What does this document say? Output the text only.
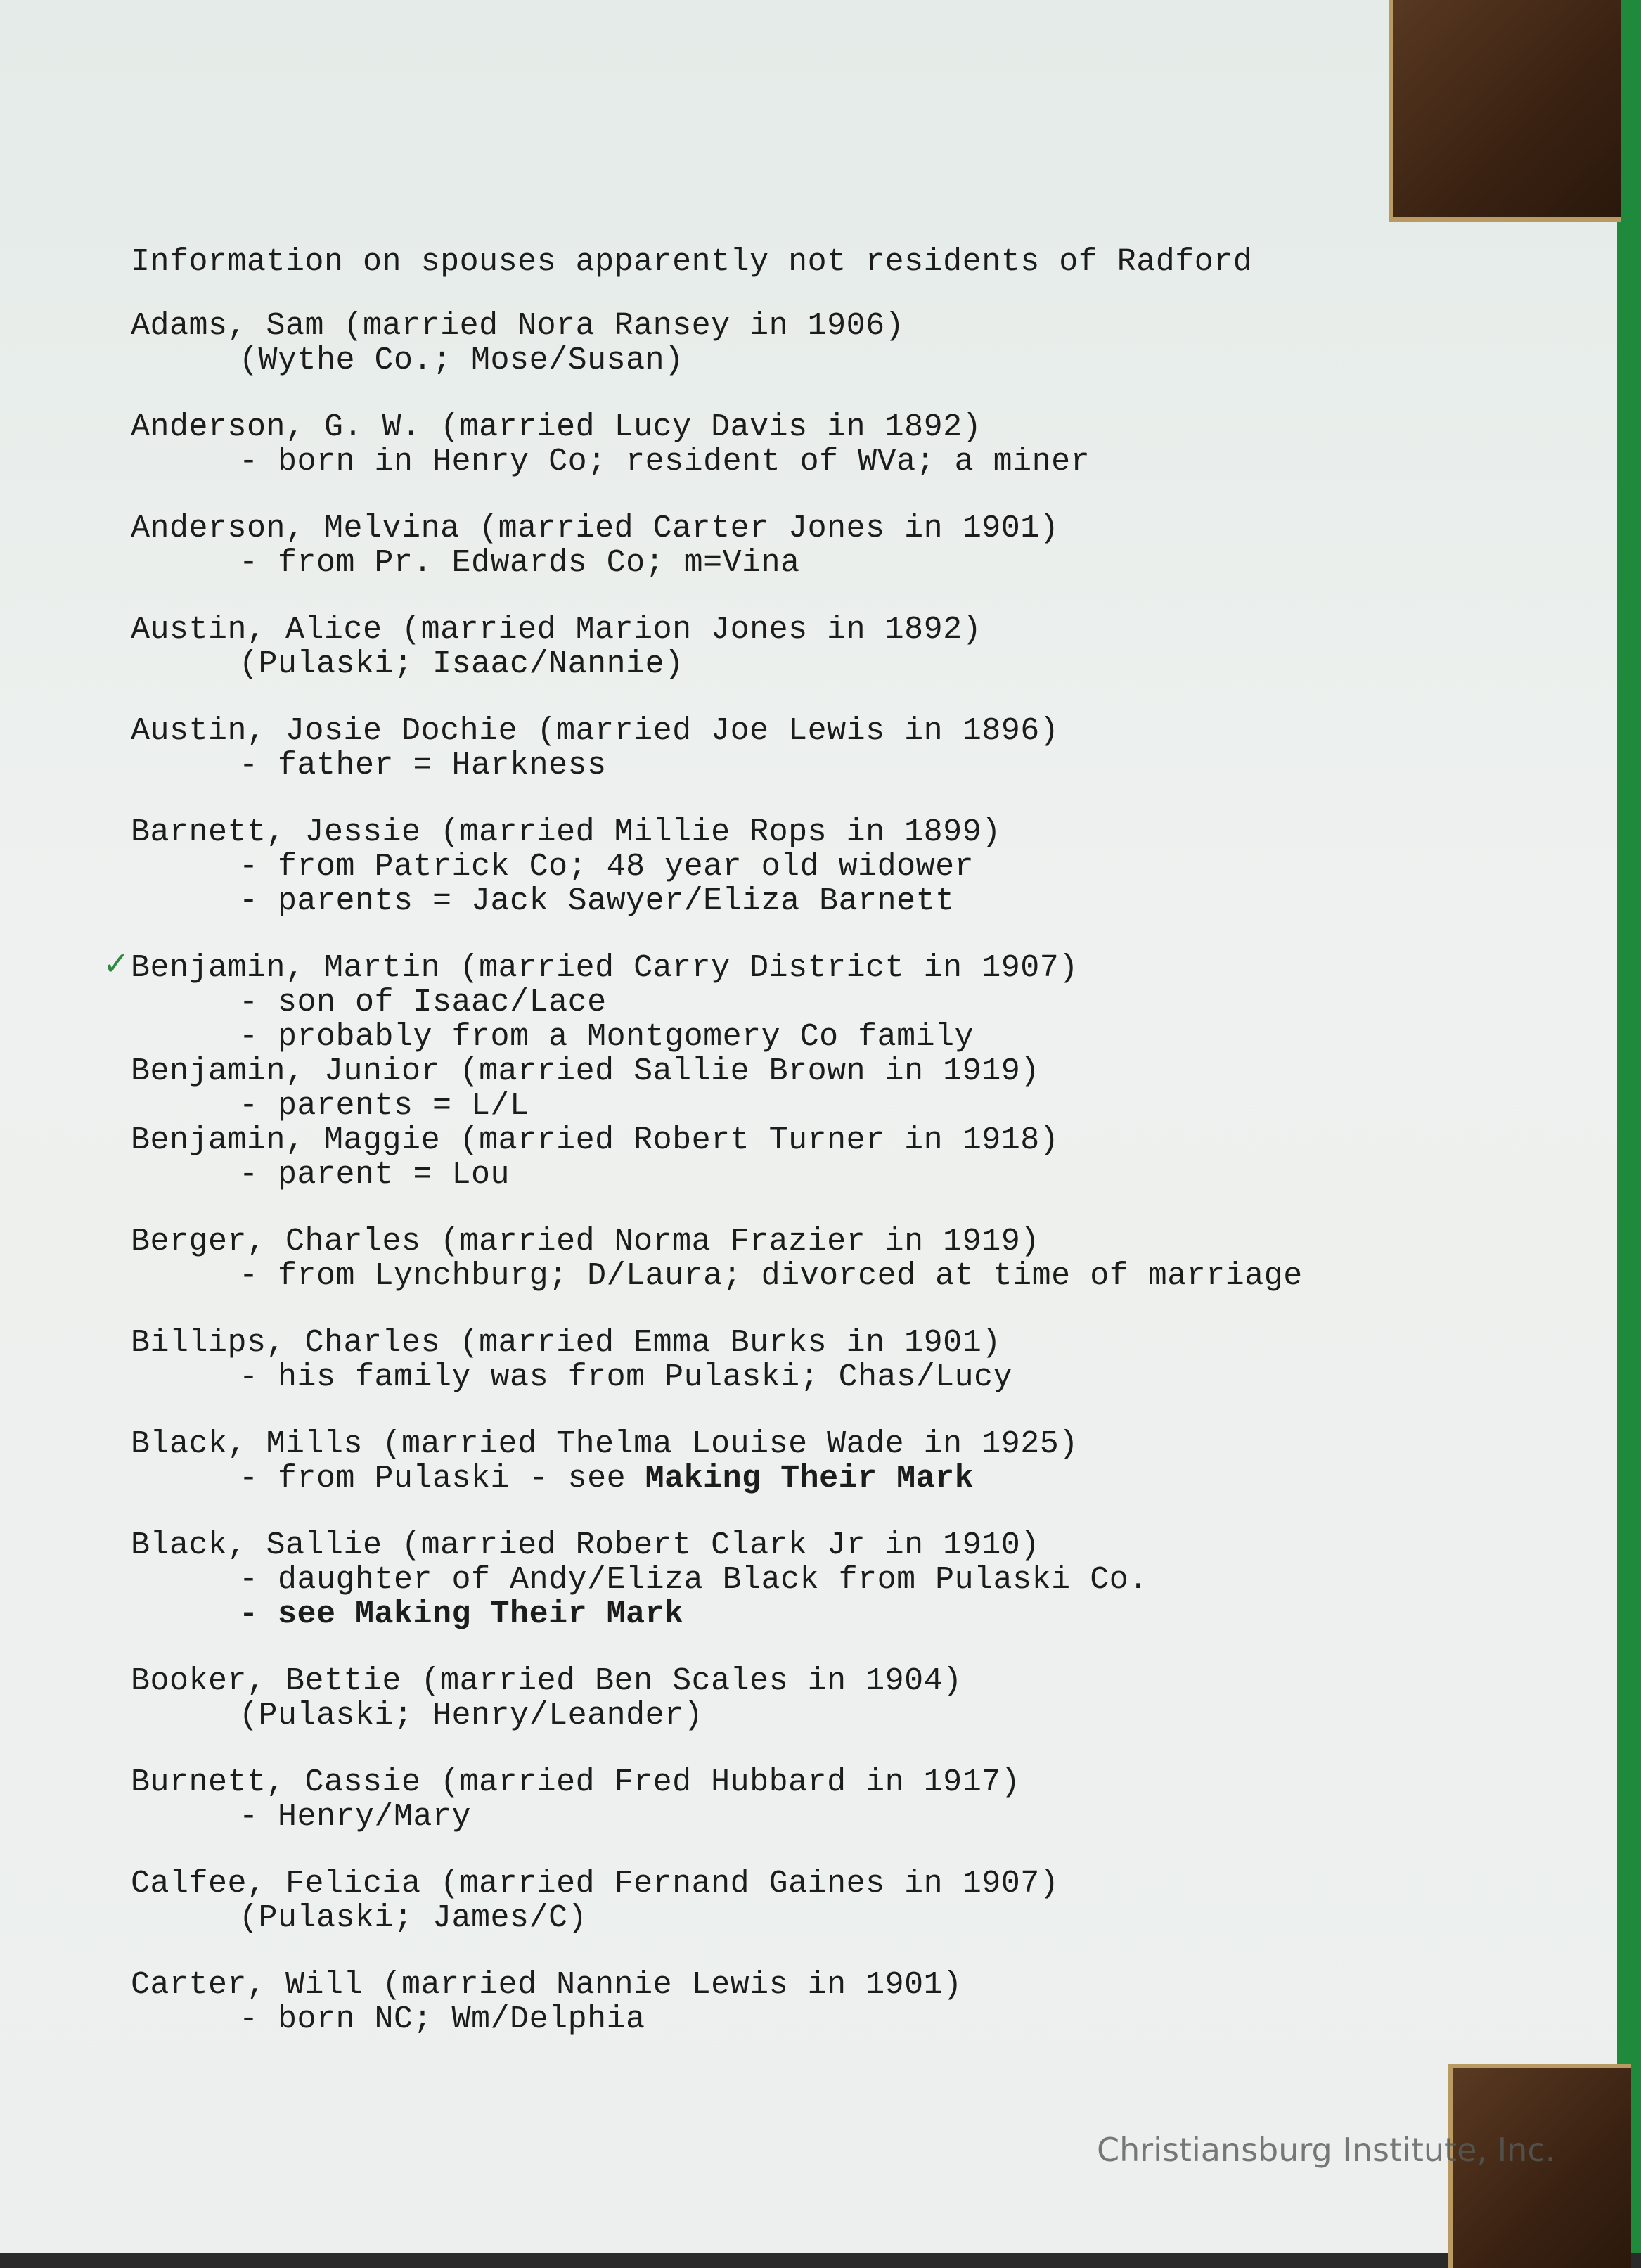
Information on spouses apparently not residents of Radford
Adams, Sam (married Nora Ransey in 1906)
(Wythe Co.; Mose/Susan)
Anderson, G. W. (married Lucy Davis in 1892)
- born in Henry Co; resident of WVa; a miner
Anderson, Melvina (married Carter Jones in 1901)
- from Pr. Edwards Co; m=Vina
Austin, Alice (married Marion Jones in 1892)
(Pulaski; Isaac/Nannie)
Austin, Josie Dochie (married Joe Lewis in 1896)
- father = Harkness
Barnett, Jessie (married Millie Rops in 1899)
- from Patrick Co; 48 year old widower
- parents = Jack Sawyer/Eliza Barnett
✓ Benjamin, Martin (married Carry District in 1907)
- son of Isaac/Lace
- probably from a Montgomery Co family
Benjamin, Junior (married Sallie Brown in 1919)
- parents = L/L
Benjamin, Maggie (married Robert Turner in 1918)
- parent = Lou
Berger, Charles (married Norma Frazier in 1919)
- from Lynchburg; D/Laura; divorced at time of marriage
Billips, Charles (married Emma Burks in 1901)
- his family was from Pulaski; Chas/Lucy
Black, Mills (married Thelma Louise Wade in 1925)
- from Pulaski - see Making Their Mark
Black, Sallie (married Robert Clark Jr in 1910)
- daughter of Andy/Eliza Black from Pulaski Co.
- see Making Their Mark
Booker, Bettie (married Ben Scales in 1904)
(Pulaski; Henry/Leander)
Burnett, Cassie (married Fred Hubbard in 1917)
- Henry/Mary
Calfee, Felicia (married Fernand Gaines in 1907)
(Pulaski; James/C)
Carter, Will (married Nannie Lewis in 1901)
- born NC; Wm/Delphia
Christiansburg Institute, Inc.
